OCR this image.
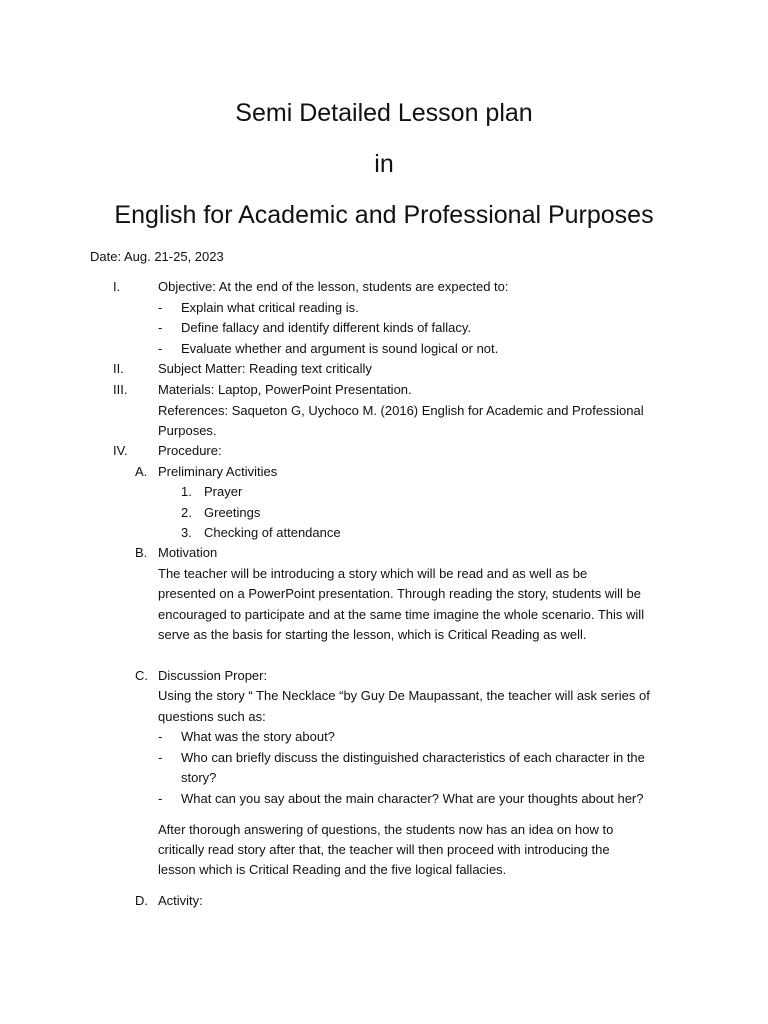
Semi Detailed Lesson plan
in
English for Academic and Professional Purposes
Date: Aug. 21-25, 2023
I.	Objective: At the end of the lesson, students are expected to:
- Explain what critical reading is.
- Define fallacy and identify different kinds of fallacy.
- Evaluate whether and argument is sound logical or not.
II.	Subject Matter: Reading text critically
III. Materials: Laptop, PowerPoint Presentation.
References: Saqueton G, Uychoco M. (2016) English for Academic and Professional
Purposes.
IV. Procedure:
A. Preliminary Activities
1. Prayer
2. Greetings
3. Checking of attendance
B. Motivation
The teacher will be introducing a story which will be read and as well as be
presented on a PowerPoint presentation. Through reading the story, students will be
encouraged to participate and at the same time imagine the whole scenario. This will
serve as the basis for starting the lesson, which is Critical Reading as well.
C. Discussion Proper:
Using the story “ The Necklace “by Guy De Maupassant, the teacher will ask series of
questions such as:
- What was the story about?
- Who can briefly discuss the distinguished characteristics of each character in the
story?
- What can you say about the main character? What are your thoughts about her?
After thorough answering of questions, the students now has an idea on how to
critically read story after that, the teacher will then proceed with introducing the
lesson which is Critical Reading and the five logical fallacies.
D. Activity:
